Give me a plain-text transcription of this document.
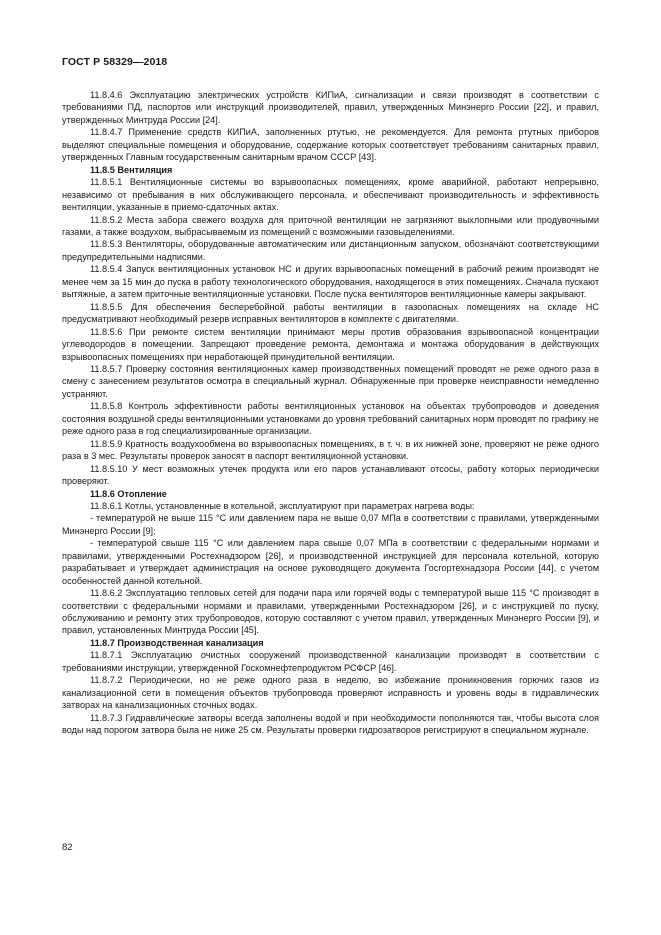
ГОСТ Р 58329—2018

11.8.4.6 Эксплуатацию электрических устройств КИПиА, сигнализации и связи производят в соответствии с требованиями ПД, паспортов или инструкций производителей, правил, утвержденных Минэнерго России [22], и правил, утвержденных Минтруда России [24].

11.8.4.7 Применение средств КИПиА, заполненных ртутью, не рекомендуется. Для ремонта ртутных приборов выделяют специальные помещения и оборудование, содержание которых соответствует требованиям санитарных правил, утвержденных Главным государственным санитарным врачом СССР [43].

11.8.5 Вентиляция

11.8.5.1 Вентиляционные системы во взрывоопасных помещениях, кроме аварийной, работают непрерывно, независимо от пребывания в них обслуживающего персонала, и обеспечивают производительность и эффективность вентиляции, указанные в приемо-сдаточных актах.

11.8.5.2 Места забора свежего воздуха для приточной вентиляции не загрязняют выхлопными или продувочными газами, а также воздухом, выбрасываемым из помещений с возможными газовыделениями.

11.8.5.3 Вентиляторы, оборудованные автоматическим или дистанционным запуском, обозначают соответствующими предупредительными надписями.

11.8.5.4 Запуск вентиляционных установок НС и других взрывоопасных помещений в рабочий режим производят не менее чем за 15 мин до пуска в работу технологического оборудования, находящегося в этих помещениях. Сначала пускают вытяжные, а затем приточные вентиляционные установки. После пуска вентиляторов вентиляционные камеры закрывают.

11.8.5.5 Для обеспечения бесперебойной работы вентиляции в газоопасных помещениях на складе НС предусматривают необходимый резерв исправных вентиляторов в комплекте с двигателями.

11.8.5.6 При ремонте систем вентиляции принимают меры против образования взрывоопасной концентрации углеводородов в помещении. Запрещают проведение ремонта, демонтажа и монтажа оборудования в действующих взрывоопасных помещениях при неработающей принудительной вентиляции.

11.8.5.7 Проверку состояния вентиляционных камер производственных помещений проводят не реже одного раза в смену с занесением результатов осмотра в специальный журнал. Обнаруженные при проверке неисправности немедленно устраняют.

11.8.5.8 Контроль эффективности работы вентиляционных установок на объектах трубопроводов и доведения состояния воздушной среды вентиляционными установками до уровня требований санитарных норм проводят по графику не реже одного раза в год специализированные организации.

11.8.5.9 Кратность воздухообмена во взрывоопасных помещениях, в т. ч. в их нижней зоне, проверяют не реже одного раза в 3 мес. Результаты проверок заносят в паспорт вентиляционной установки.

11.8.5.10 У мест возможных утечек продукта или его паров устанавливают отсосы, работу которых периодически проверяют.

11.8.6 Отопление

11.8.6.1 Котлы, установленные в котельной, эксплуатируют при параметрах нагрева воды:

- температурой не выше 115 °С или давлением пара не выше 0,07 МПа в соответствии с правилами, утвержденными Минэнерго России [9];

- температурой свыше 115 °С или давлением пара свыше 0,07 МПа в соответствии с федеральными нормами и правилами, утвержденными Ростехнадзором [26], и производственной инструкцией для персонала котельной, которую разрабатывает и утверждает администрация на основе руководящего документа Госгортехнадзора России [44], с учетом особенностей данной котельной.

11.8.6.2 Эксплуатацию тепловых сетей для подачи пара или горячей воды с температурой выше 115 °С производят в соответствии с федеральными нормами и правилами, утвержденными Ростехнадзором [26], и с инструкцией по пуску, обслуживанию и ремонту этих трубопроводов, которую составляют с учетом правил, утвержденных Минэнерго России [9], и правил, установленных Минтруда России [45].

11.8.7 Производственная канализация

11.8.7.1 Эксплуатацию очистных сооружений производственной канализации производят в соответствии с требованиями инструкции, утвержденной Госкомнефтепродуктом РСФСР [46].

11.8.7.2 Периодически, но не реже одного раза в неделю, во избежание проникновения горючих газов из канализационной сети в помещения объектов трубопровода проверяют исправность и уровень воды в гидравлических затворах на канализационных сточных водах.

11.8.7.3 Гидравлические затворы всегда заполнены водой и при необходимости пополняются так, чтобы высота слоя воды над порогом затвора была не ниже 25 см. Результаты проверки гидрозатворов регистрируют в специальном журнале.

82
